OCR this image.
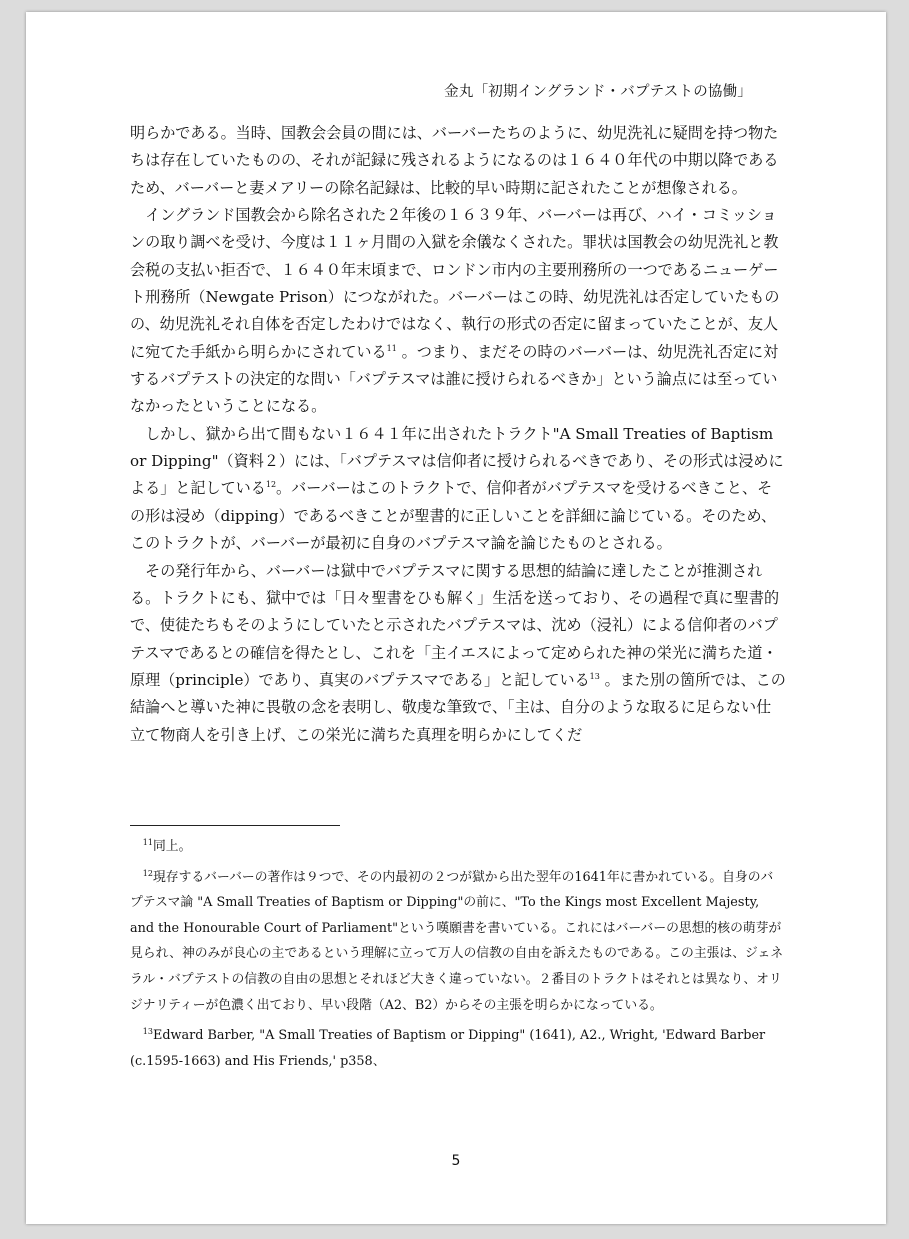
金丸「初期イングランド・バプテストの協働」

明らかである。当時、国教会会員の間には、バーバーたちのように、幼児洗礼に疑問を持つ物たちは存在していたものの、それが記録に残されるようになるのは１６４０年代の中期以降であるため、バーバーと妻メアリーの除名記録は、比較的早い時期に記されたことが想像される。

イングランド国教会から除名された２年後の１６３９年、バーバーは再び、ハイ・コミッションの取り調べを受け、今度は１１ヶ月間の入獄を余儀なくされた。罪状は国教会の幼児洗礼と教会税の支払い拒否で、１６４０年末頃まで、ロンドン市内の主要刑務所の一つであるニューゲート刑務所（Newgate Prison）につながれた。バーバーはこの時、幼児洗礼は否定していたものの、幼児洗礼それ自体を否定したわけではなく、執行の形式の否定に留まっていたことが、友人に宛てた手紙から明らかにされている$^{11}$ 。つまり、まだその時のバーバーは、幼児洗礼否定に対するバプテストの決定的な問い「バプテスマは誰に授けられるべきか」という論点には至っていなかったということになる。

しかし、獄から出て間もない１６４１年に出されたトラクト"A Small Treaties of Baptism or Dipping"（資料２）には、「バプテスマは信仰者に授けられるべきであり、その形式は浸めによる」と記している$^{12}$。バーバーはこのトラクトで、信仰者がバプテスマを受けるべきこと、その形は浸め（dipping）であるべきことが聖書的に正しいことを詳細に論じている。そのため、このトラクトが、バーバーが最初に自身のバプテスマ論を論じたものとされる。

その発行年から、バーバーは獄中でバプテスマに関する思想的結論に達したことが推測される。トラクトにも、獄中では「日々聖書をひも解く」生活を送っており、その過程で真に聖書的で、使徒たちもそのようにしていたと示されたバプテスマは、沈め（浸礼）による信仰者のバプテスマであるとの確信を得たとし、これを「主イエスによって定められた神の栄光に満ちた道・原理（principle）であり、真実のバプテスマである」と記している$^{13}$ 。また別の箇所では、この結論へと導いた神に畏敬の念を表明し、敬虔な筆致で、「主は、自分のような取るに足らない仕立て物商人を引き上げ、この栄光に満ちた真理を明らかにしてくだ

$^{11}$同上。

$^{12}$現存するバーバーの著作は９つで、その内最初の２つが獄から出た翌年の1641年に書かれている。自身のバプテスマ論 "A Small Treaties of Baptism or Dipping"の前に、"To the Kings most Excellent Majesty, and the Honourable Court of Parliament"という嘆願書を書いている。これにはバーバーの思想的核の萌芽が見られ、神のみが良心の主であるという理解に立って万人の信教の自由を訴えたものである。この主張は、ジェネラル・バプテストの信教の自由の思想とそれほど大きく違っていない。２番目のトラクトはそれとは異なり、オリジナリティーが色濃く出ており、早い段階（A2、B2）からその主張を明らかになっている。

$^{13}$Edward Barber, "A Small Treaties of Baptism or Dipping" (1641), A2., Wright, 'Edward Barber (c.1595-1663) and His Friends,' p358、

5
